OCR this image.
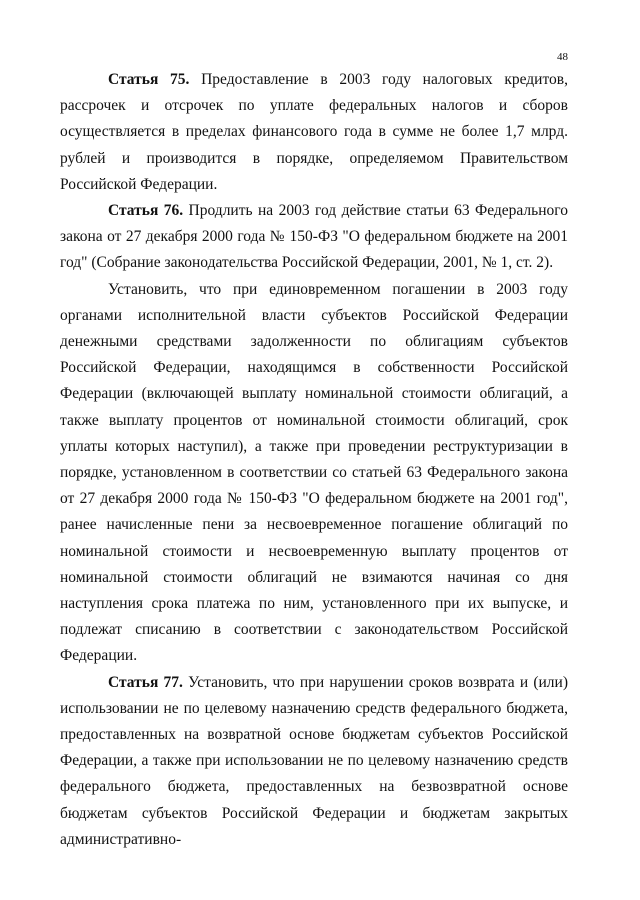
48

Статья 75. Предоставление в 2003 году налоговых кредитов, рассрочек и отсрочек по уплате федеральных налогов и сборов осуществляется в пределах финансового года в сумме не более 1,7 млрд. рублей и производится в порядке, определяемом Правительством Российской Федерации.

Статья 76. Продлить на 2003 год действие статьи 63 Федерального закона от 27 декабря 2000 года № 150-ФЗ "О федеральном бюджете на 2001 год" (Собрание законодательства Российской Федерации, 2001, № 1, ст. 2).

Установить, что при единовременном погашении в 2003 году органами исполнительной власти субъектов Российской Федерации денежными средствами задолженности по облигациям субъектов Российской Федерации, находящимся в собственности Российской Федерации (включающей выплату номинальной стоимости облигаций, а также выплату процентов от номинальной стоимости облигаций, срок уплаты которых наступил), а также при проведении реструктуризации в порядке, установленном в соответствии со статьей 63 Федерального закона от 27 декабря 2000 года № 150-ФЗ "О федеральном бюджете на 2001 год", ранее начисленные пени за несвоевременное погашение облигаций по номинальной стоимости и несвоевременную выплату процентов от номинальной стоимости облигаций не взимаются начиная со дня наступления срока платежа по ним, установленного при их выпуске, и подлежат списанию в соответствии с законодательством Российской Федерации.

Статья 77. Установить, что при нарушении сроков возврата и (или) использовании не по целевому назначению средств федерального бюджета, предоставленных на возвратной основе бюджетам субъектов Российской Федерации, а также при использовании не по целевому назначению средств федерального бюджета, предоставленных на безвозвратной основе бюджетам субъектов Российской Федерации и бюджетам закрытых административно-
